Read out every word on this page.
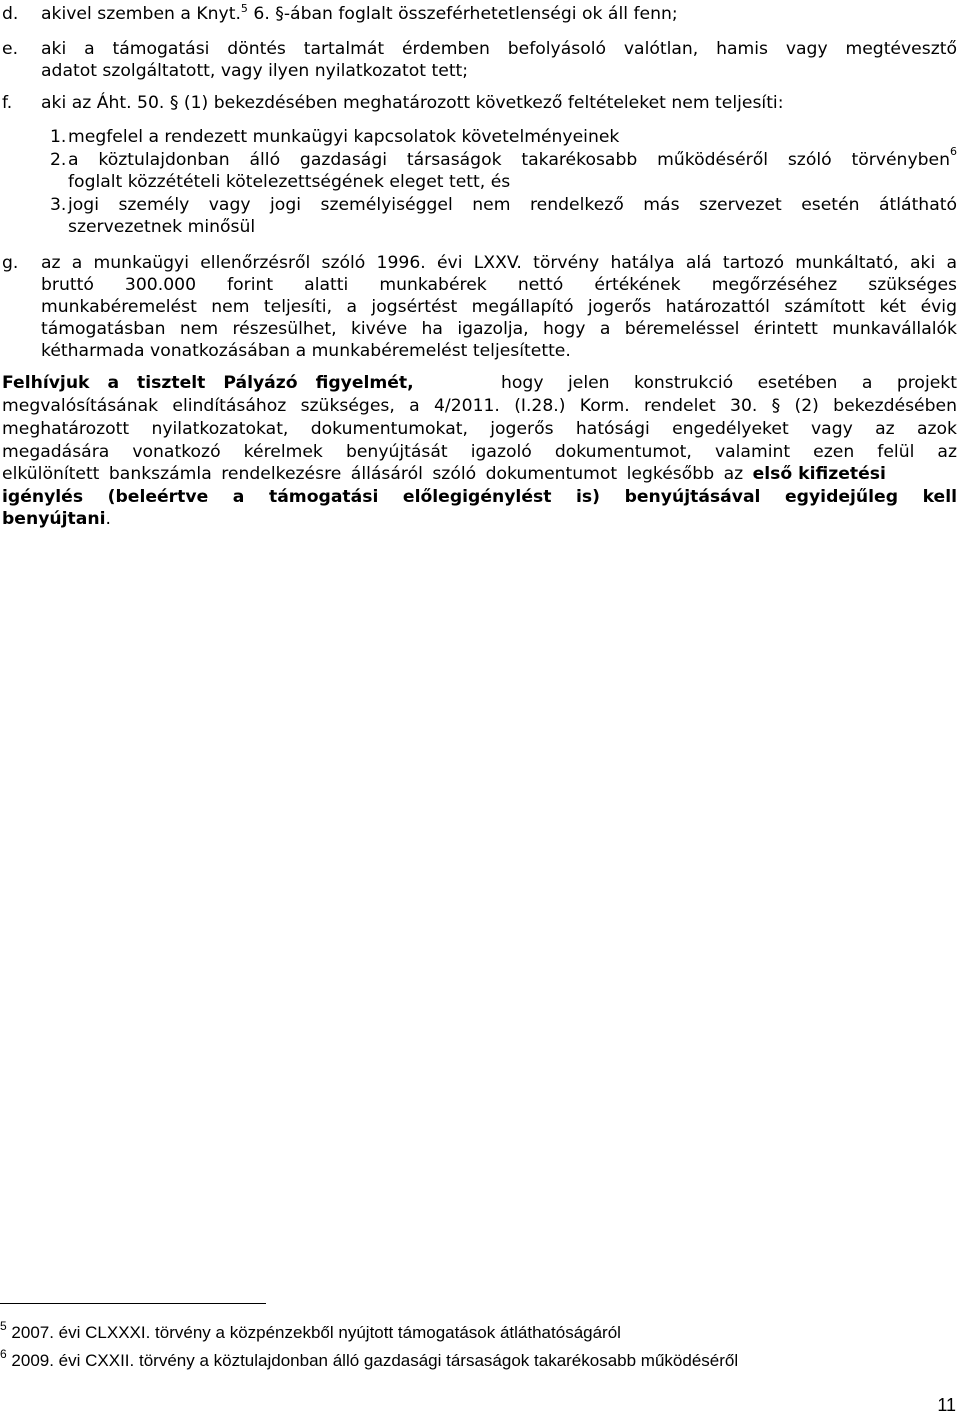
d. akivel szemben a Knyt.$^5$ 6. §-ában foglalt összeférhetetlenségi ok áll fenn;
e. aki a támogatási döntés tartalmát érdemben befolyásoló valótlan, hamis vagy megtévesztő
adatot szolgáltatott, vagy ilyen nyilatkozatot tett;
f. aki az Áht. 50. § (1) bekezdésében meghatározott következő feltételeket nem teljesíti:
1. megfelel a rendezett munkaügyi kapcsolatok követelményeinek
2. a köztulajdonban álló gazdasági társaságok takarékosabb működéséről szóló törvényben 6
foglalt közzétételi kötelezettségének eleget tett, és
3. jogi személy vagy jogi személyiséggel nem rendelkező más szervezet esetén átlátható
szervezetnek minősül
g. az a munkaügyi ellenőrzésről szóló 1996. évi LXXV. törvény hatálya alá tartozó munkáltató, aki a
bruttó 300.000 forint alatti munkabérek nettó értékének megőrzéséhez szükséges
munkabéremelést nem teljesíti, a jogsértést megállapító jogerős határozattól számított két évig
támogatásban nem részesülhet, kivéve ha igazolja, hogy a béremeléssel érintett munkavállalók
kétharmada vonatkozásában a munkabéremelést teljesítette.
Felhívjuk a tisztelt Pályázó figyelmét,	hogy jelen konstrukció esetében a projekt
megvalósításának elindításához szükséges, a 4/2011. (I.28.) Korm. rendelet 30. § (2) bekezdésében
meghatározott nyilatkozatokat, dokumentumokat, jogerős hatósági engedélyeket vagy az azok
megadására vonatkozó kérelmek benyújtását igazoló dokumentumot, valamint ezen felül az
elkülönített bankszámla rendelkezésre állásáról szóló dokumentumot legkésőbb az első kifizetési
igénylés (beleértve a támogatási előlegigénylést is) benyújtásával egyidejűleg kell
benyújtani.
$^5$ 2007. évi CLXXXI. törvény a közpénzekből nyújtott támogatások átláthatóságáról
$^6$ 2009. évi CXXII. törvény a köztulajdonban álló gazdasági társaságok takarékosabb működéséről
11
